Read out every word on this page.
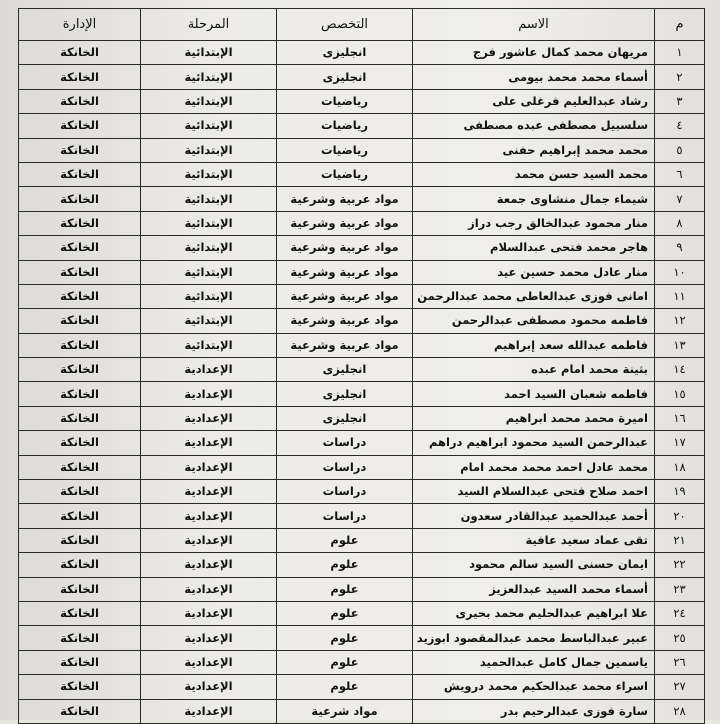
م	الاسم	التخصص	المرحلة	الإدارة
١	مريهان محمد كمال عاشور فرج	انجليزى	الإبتدائية	الخانكة
٢	أسماء محمد محمد بيومى	انجليزى	الإبتدائية	الخانكة
٣	رشاد عبدالعليم فرغلى على	رياضيات	الإبتدائية	الخانكة
٤	سلسبيل مصطفى عبده مصطفى	رياضيات	الإبتدائية	الخانكة
٥	محمد محمد إبراهيم حفنى	رياضيات	الإبتدائية	الخانكة
٦	محمد السيد حسن محمد	رياضيات	الإبتدائية	الخانكة
٧	شيماء جمال منشاوى جمعة	مواد عربية وشرعية	الإبتدائية	الخانكة
٨	منار محمود عبدالخالق رجب دراز	مواد عربية وشرعية	الإبتدائية	الخانكة
٩	هاجر محمد فتحى عبدالسلام	مواد عربية وشرعية	الإبتدائية	الخانكة
١٠	منار عادل محمد حسين عيد	مواد عربية وشرعية	الإبتدائية	الخانكة
١١	امانى فوزى عبدالعاطى محمد عبدالرحمن	مواد عربية وشرعية	الإبتدائية	الخانكة
١٢	فاطمه محمود مصطفى عبدالرحمن	مواد عربية وشرعية	الإبتدائية	الخانكة
١٣	فاطمه عبدالله سعد إبراهيم	مواد عربية وشرعية	الإبتدائية	الخانكة
١٤	بثينة محمد امام عبده	انجليزى	الإعدادية	الخانكة
١٥	فاطمه شعبان السيد احمد	انجليزى	الإعدادية	الخانكة
١٦	اميرة محمد محمد ابراهيم	انجليزى	الإعدادية	الخانكة
١٧	عبدالرحمن السيد محمود ابراهيم دراهم	دراسات	الإعدادية	الخانكة
١٨	محمد عادل احمد محمد محمد امام	دراسات	الإعدادية	الخانكة
١٩	احمد صلاح فتحى عبدالسلام السيد	دراسات	الإعدادية	الخانكة
٢٠	أحمد عبدالحميد عبدالقادر سعدون	دراسات	الإعدادية	الخانكة
٢١	تقى عماد سعيد عافية	علوم	الإعدادية	الخانكة
٢٢	ايمان حسنى السيد سالم محمود	علوم	الإعدادية	الخانكة
٢٣	أسماء محمد السيد عبدالعزيز	علوم	الإعدادية	الخانكة
٢٤	علا ابراهيم عبدالحليم محمد بحيرى	علوم	الإعدادية	الخانكة
٢٥	عبير عبدالباسط محمد عبدالمقصود ابوزيد	علوم	الإعدادية	الخانكة
٢٦	ياسمين جمال كامل عبدالحميد	علوم	الإعدادية	الخانكة
٢٧	اسراء محمد عبدالحكيم محمد درويش	علوم	الإعدادية	الخانكة
٢٨	سارة فوزى عبدالرحيم بدر	مواد شرعية	الإعدادية	الخانكة
